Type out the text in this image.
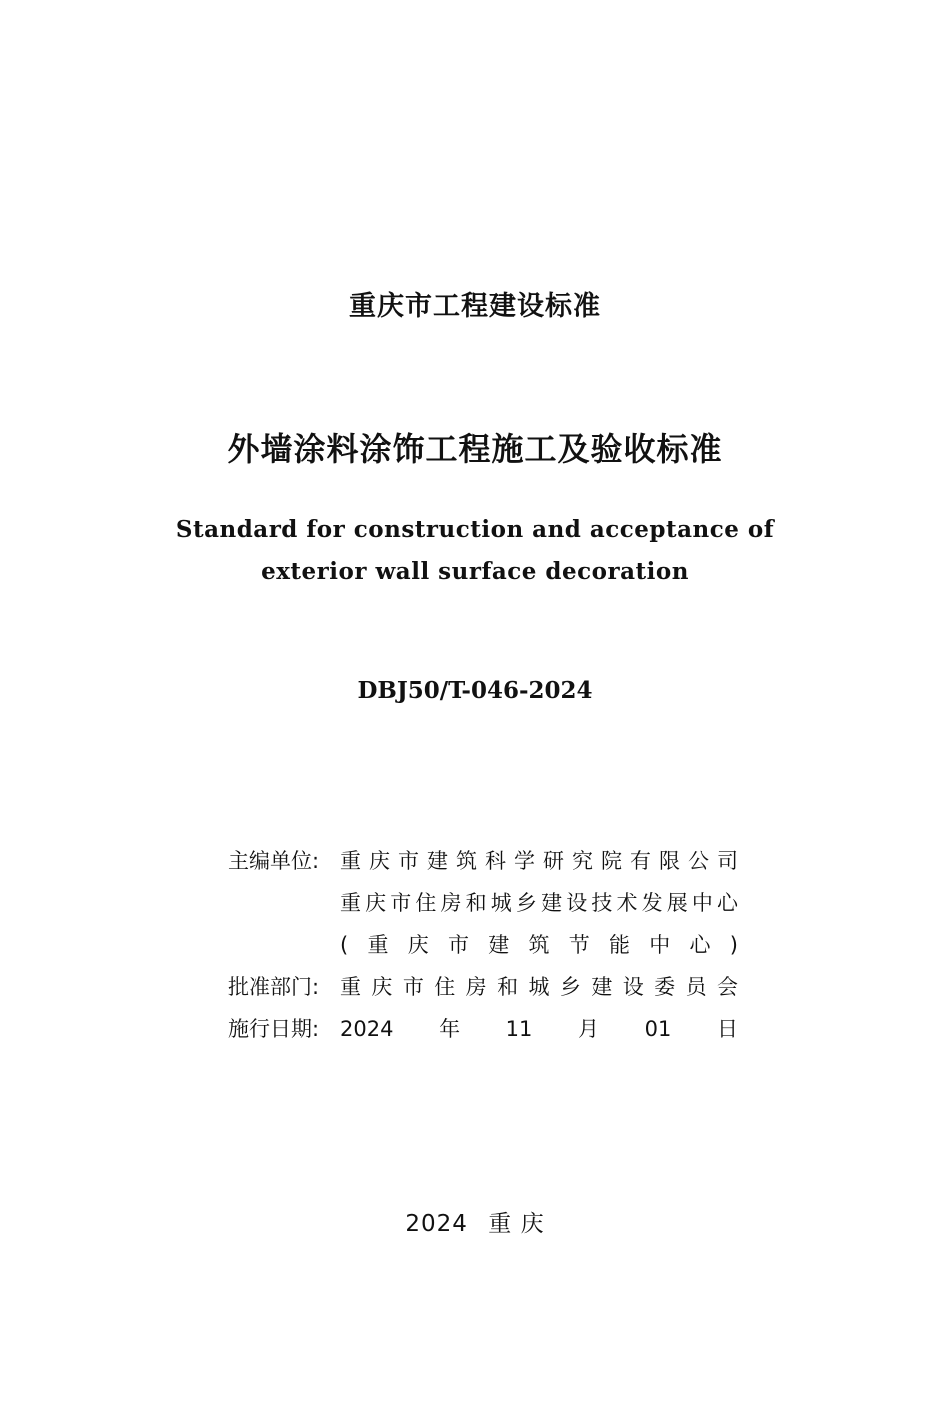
重庆市工程建设标准
外墙涂料涂饰工程施工及验收标准
Standard for construction and acceptance of
exterior wall surface decoration
DBJ50/T-046-2024
主编单位: 重庆市建筑科学研究院有限公司
重庆市住房和城乡建设技术发展中心
(重庆市建筑节能中心)
批准部门: 重庆市住房和城乡建设委员会
施行日期: 2024年11月01日
2024 重 庆
